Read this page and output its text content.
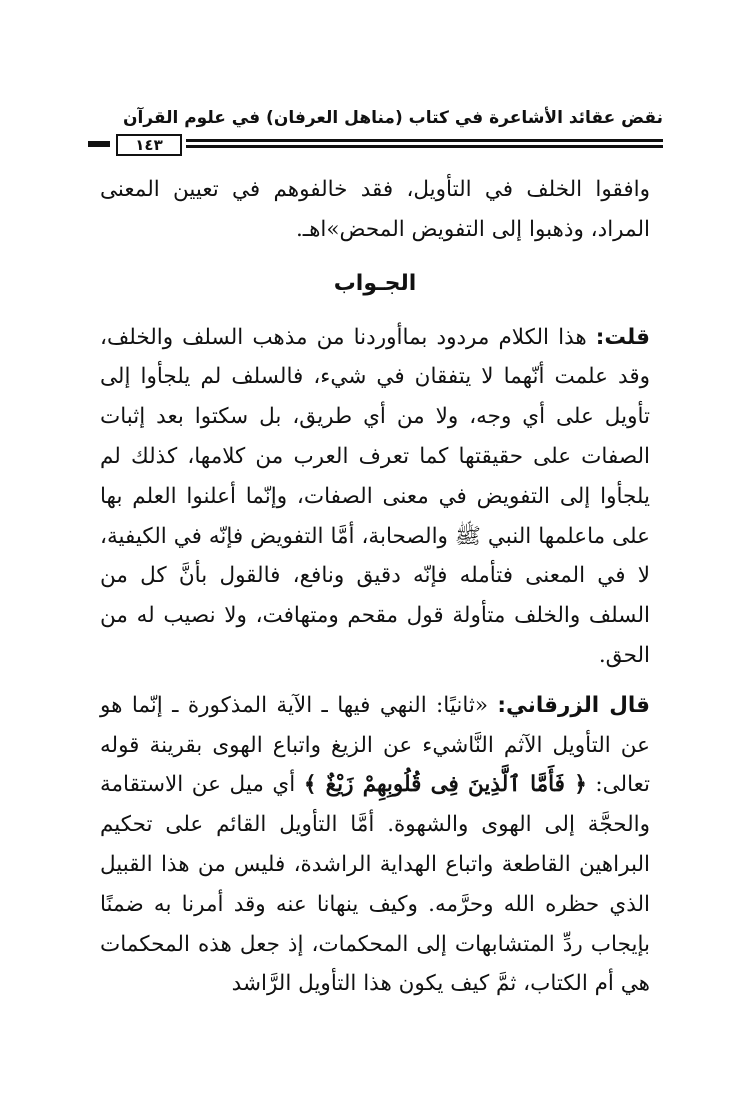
نقض عقائد الأشاعرة في كتاب (مناهل العرفان) في علوم القرآن
١٤٣

وافقوا الخلف في التأويل، فقد خالفوهم في تعيين المعنى المراد، وذهبوا إلى التفويض المحض»اهـ.

الجـواب

قلت: هذا الكلام مردود بماأوردنا من مذهب السلف والخلف، وقد علمت أنّهما لا يتفقان في شيء، فالسلف لم يلجأوا إلى تأويل على أي وجه، ولا من أي طريق، بل سكتوا بعد إثبات الصفات على حقيقتها كما تعرف العرب من كلامها، كذلك لم يلجأوا إلى التفويض في معنى الصفات، وإنّما أعلنوا العلم بها على ماعلمها النبي ﷺ والصحابة، أمَّا التفويض فإنّه في الكيفية، لا في المعنى فتأمله فإنّه دقيق ونافع، فالقول بأنَّ كل من السلف والخلف متأولة قول مقحم ومتهافت، ولا نصيب له من الحق.

قال الزرقاني: «ثانيًا: النهي فيها ـ الآية المذكورة ـ إنّما هو عن التأويل الآثم النَّاشيء عن الزيغ واتباع الهوى بقرينة قوله تعالى: ﴿ فَأَمَّا ٱلَّذِينَ فِى قُلُوبِهِمْ زَيْغٌ ﴾ أي ميل عن الاستقامة والحجَّة إلى الهوى والشهوة. أمَّا التأويل القائم على تحكيم البراهين القاطعة واتباع الهداية الراشدة، فليس من هذا القبيل الذي حظره الله وحرَّمه. وكيف ينهانا عنه وقد أمرنا به ضمنًا بإيجاب ردِّ المتشابهات إلى المحكمات، إذ جعل هذه المحكمات هي أم الكتاب، ثمَّ كيف يكون هذا التأويل الرَّاشد
